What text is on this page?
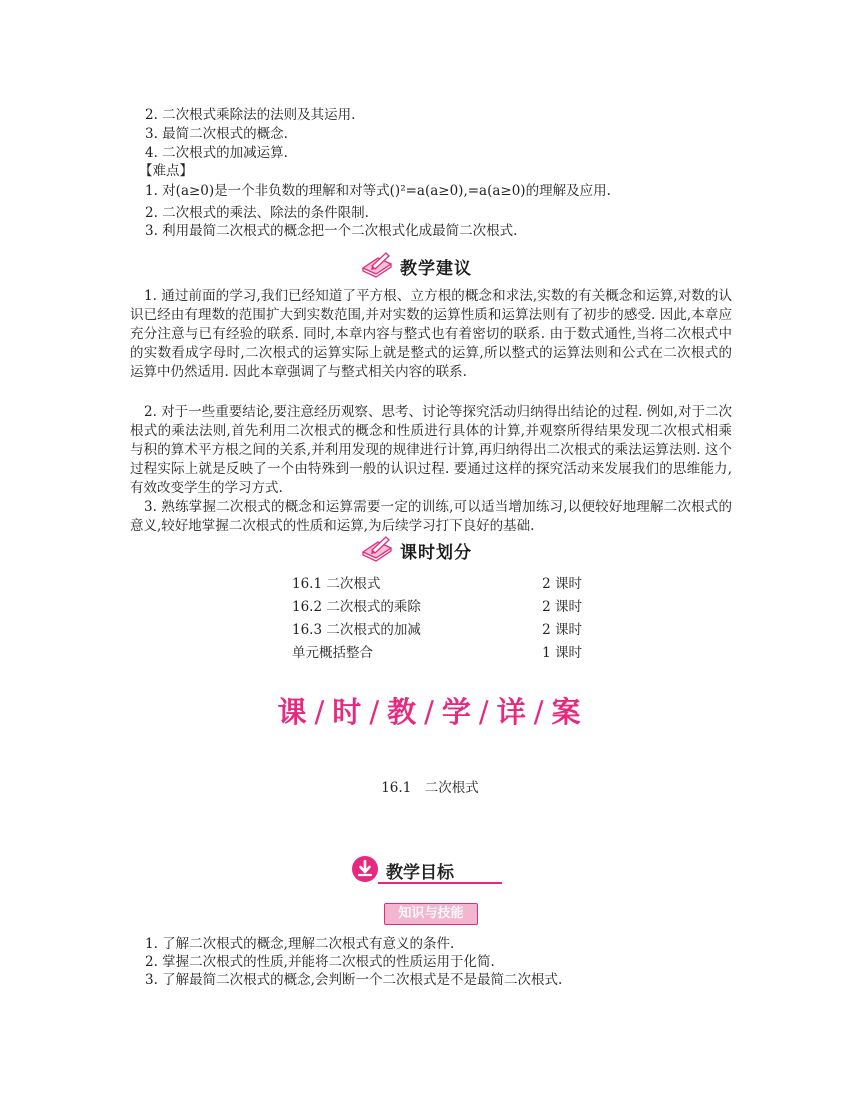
2. 二次根式乘除法的法则及其运用.
3. 最简二次根式的概念.
4. 二次根式的加减运算.
【难点】
1. 对(a≥0)是一个非负数的理解和对等式()²=a(a≥0),=a(a≥0)的理解及应用.
2. 二次根式的乘法、除法的条件限制.
3. 利用最简二次根式的概念把一个二次根式化成最简二次根式.
教学建议
1. 通过前面的学习,我们已经知道了平方根、立方根的概念和求法,实数的有关概念和运算,对数的认识已经由有理数的范围扩大到实数范围,并对实数的运算性质和运算法则有了初步的感受. 因此,本章应充分注意与已有经验的联系. 同时,本章内容与整式也有着密切的联系. 由于数式通性,当将二次根式中的实数看成字母时,二次根式的运算实际上就是整式的运算,所以整式的运算法则和公式在二次根式的运算中仍然适用. 因此本章强调了与整式相关内容的联系.
2. 对于一些重要结论,要注意经历观察、思考、讨论等探究活动归纳得出结论的过程. 例如,对于二次根式的乘法法则,首先利用二次根式的概念和性质进行具体的计算,并观察所得结果发现二次根式相乘与积的算术平方根之间的关系,并利用发现的规律进行计算,再归纳得出二次根式的乘法运算法则. 这个过程实际上就是反映了一个由特殊到一般的认识过程. 要通过这样的探究活动来发展我们的思维能力,有效改变学生的学习方式.
3. 熟练掌握二次根式的概念和运算需要一定的训练,可以适当增加练习,以便较好地理解二次根式的意义,较好地掌握二次根式的性质和运算,为后续学习打下良好的基础.
课时划分
16.1 二次根式	2 课时
16.2 二次根式的乘除	2 课时
16.3 二次根式的加减	2 课时
单元概括整合	1 课时
课 / 时 / 教 / 学 / 详 / 案
16.1　二次根式
教学目标
知识与技能
1. 了解二次根式的概念,理解二次根式有意义的条件.
2. 掌握二次根式的性质,并能将二次根式的性质运用于化简.
3. 了解最简二次根式的概念,会判断一个二次根式是不是最简二次根式.
